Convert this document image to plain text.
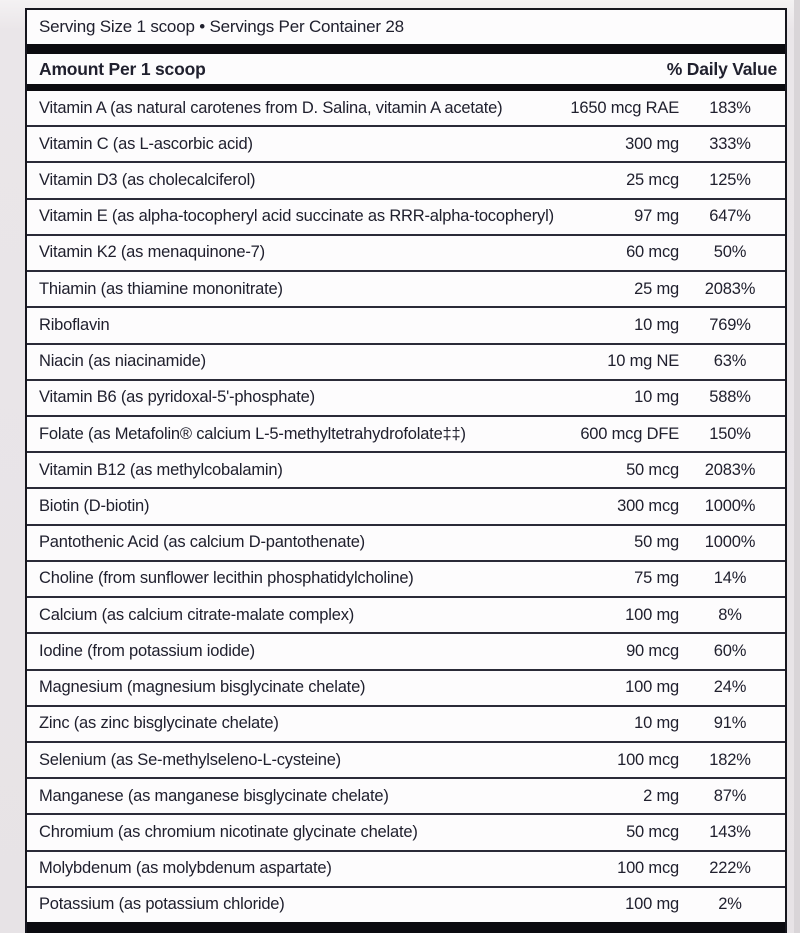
Serving Size 1 scoop • Servings Per Container 28
Amount Per 1 scoop	% Daily Value
Vitamin A (as natural carotenes from D. Salina, vitamin A acetate)	1650 mcg RAE	183%
Vitamin C (as L-ascorbic acid)	300 mg	333%
Vitamin D3 (as cholecalciferol)	25 mcg	125%
Vitamin E (as alpha-tocopheryl acid succinate as RRR-alpha-tocopheryl)	97 mg	647%
Vitamin K2 (as menaquinone-7)	60 mcg	50%
Thiamin (as thiamine mononitrate)	25 mg	2083%
Riboflavin	10 mg	769%
Niacin (as niacinamide)	10 mg NE	63%
Vitamin B6 (as pyridoxal-5'-phosphate)	10 mg	588%
Folate (as Metafolin® calcium L-5-methyltetrahydrofolate‡‡)	600 mcg DFE	150%
Vitamin B12 (as methylcobalamin)	50 mcg	2083%
Biotin (D-biotin)	300 mcg	1000%
Pantothenic Acid (as calcium D-pantothenate)	50 mg	1000%
Choline (from sunflower lecithin phosphatidylcholine)	75 mg	14%
Calcium (as calcium citrate-malate complex)	100 mg	8%
Iodine (from potassium iodide)	90 mcg	60%
Magnesium (magnesium bisglycinate chelate)	100 mg	24%
Zinc (as zinc bisglycinate chelate)	10 mg	91%
Selenium (as Se-methylseleno-L-cysteine)	100 mcg	182%
Manganese (as manganese bisglycinate chelate)	2 mg	87%
Chromium (as chromium nicotinate glycinate chelate)	50 mcg	143%
Molybdenum (as molybdenum aspartate)	100 mcg	222%
Potassium (as potassium chloride)	100 mg	2%
